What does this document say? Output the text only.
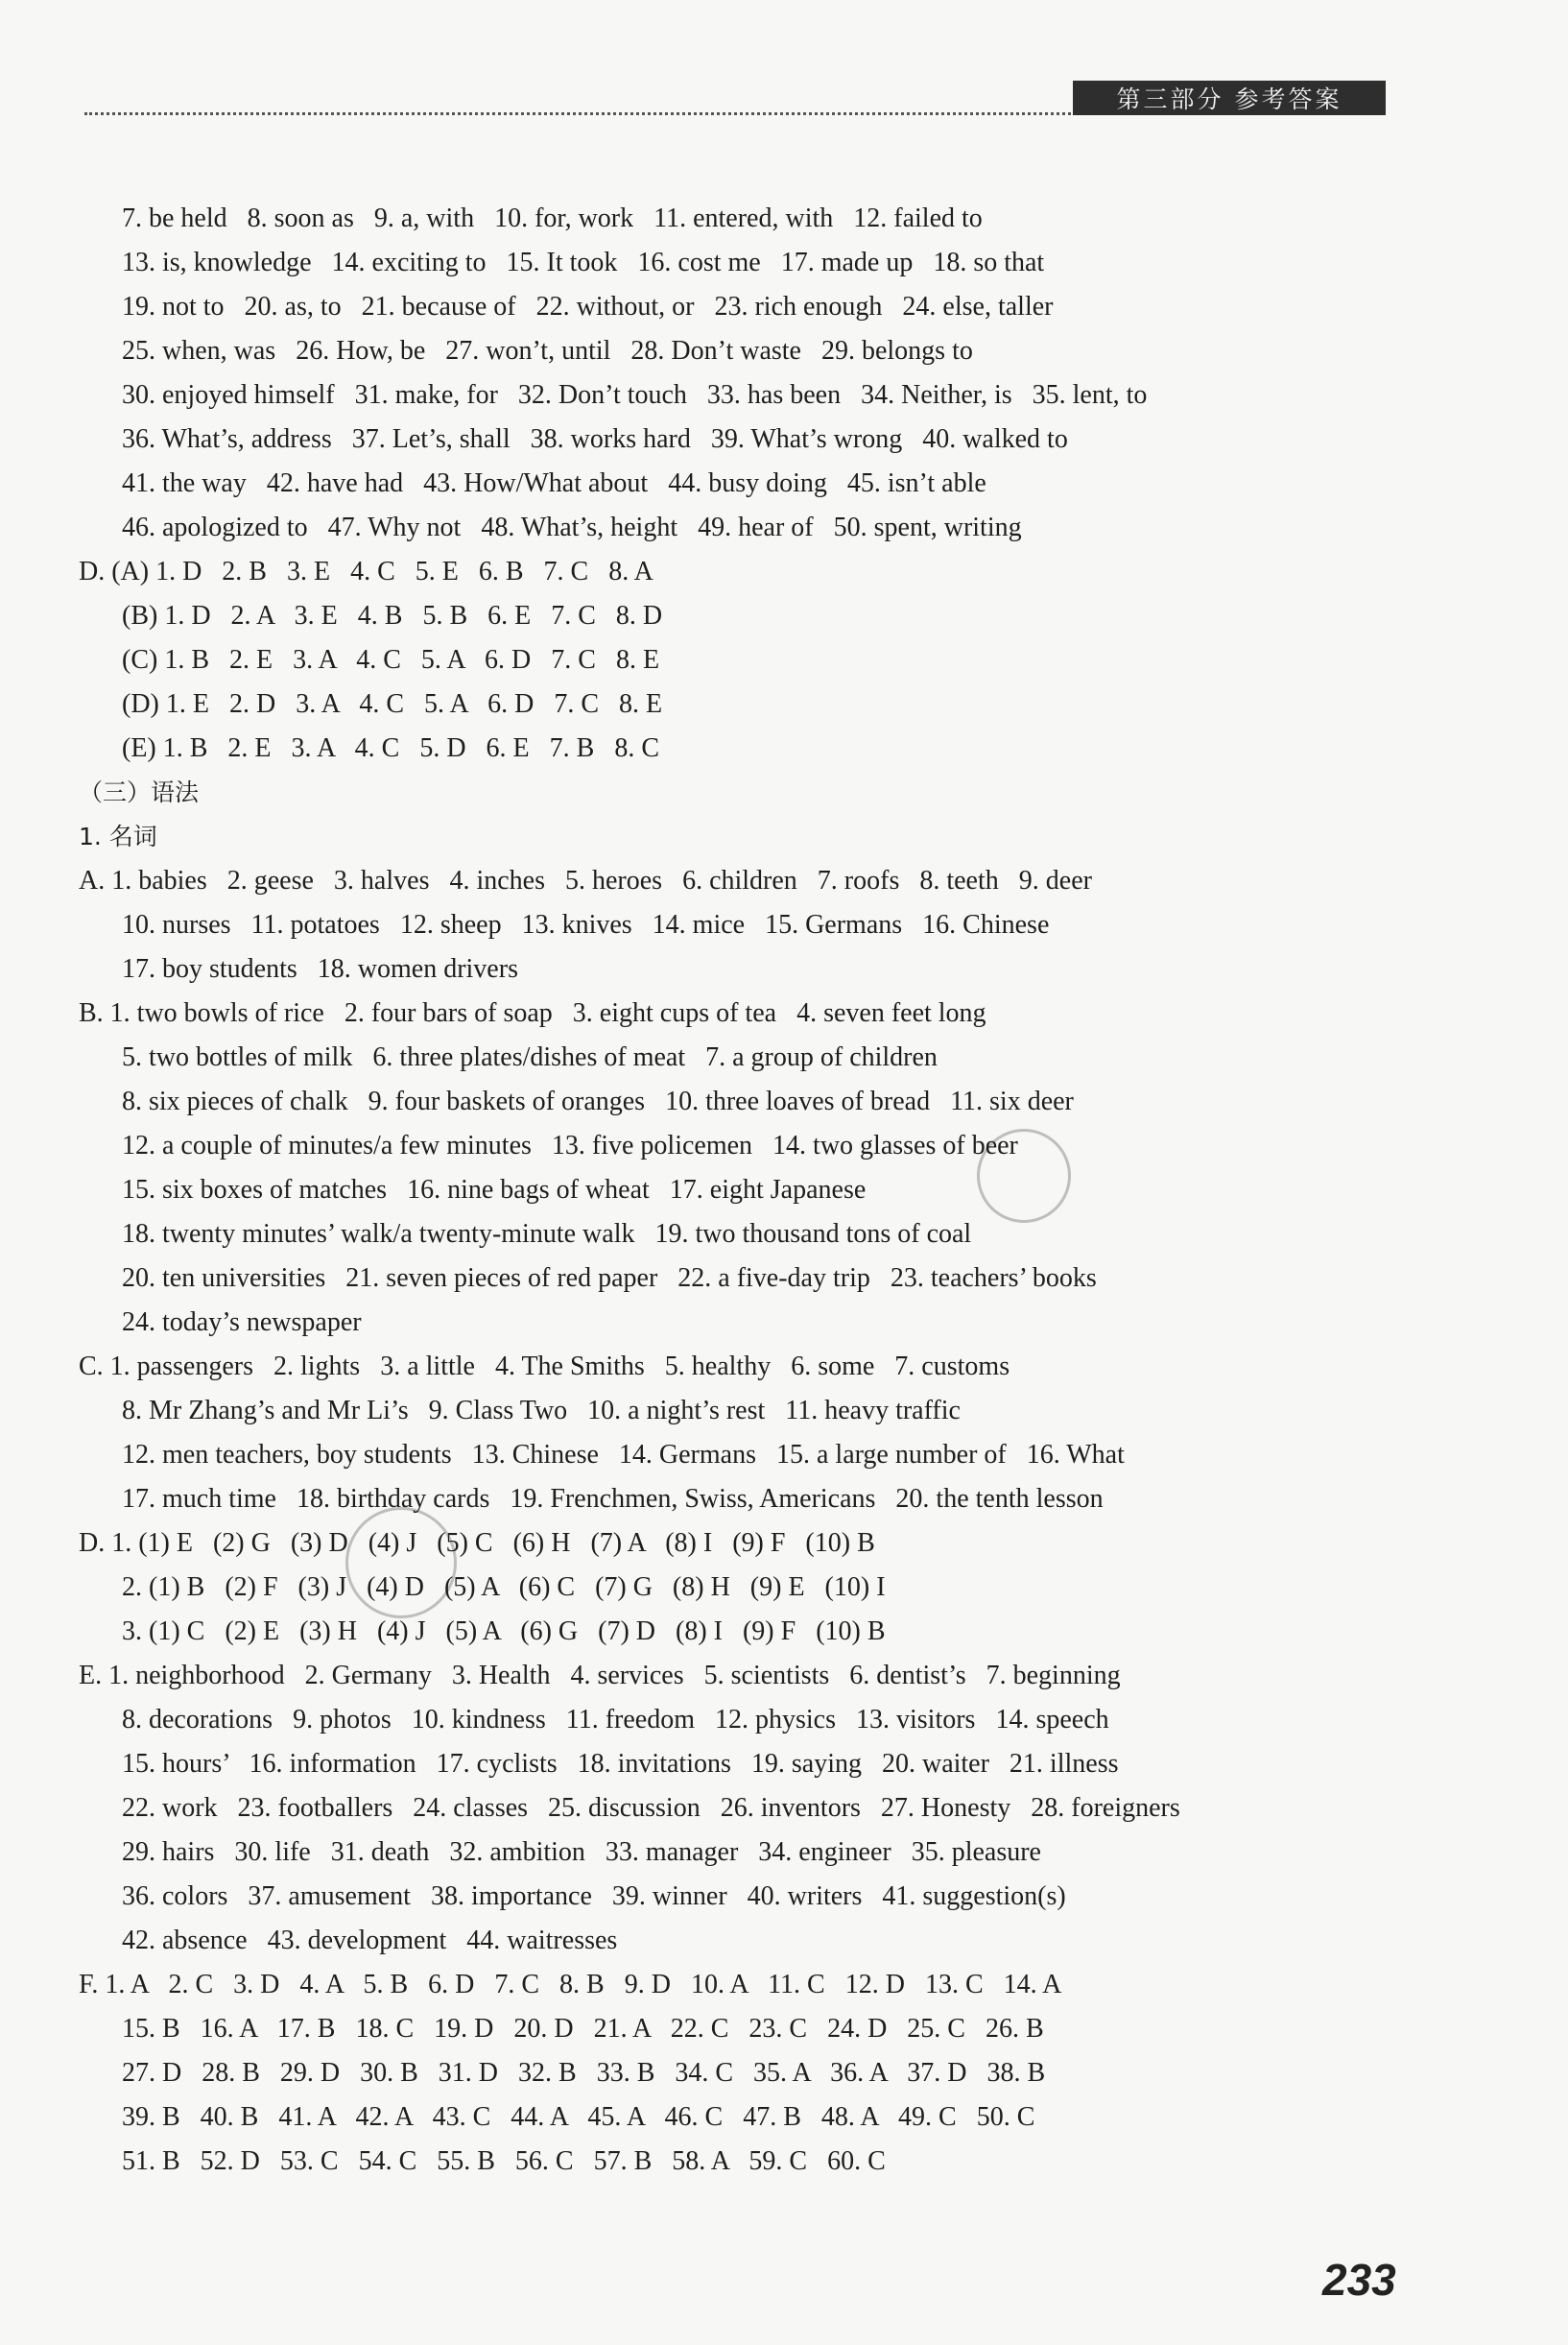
第三部分 参考答案
7. be held   8. soon as   9. a, with   10. for, work   11. entered, with   12. failed to
13. is, knowledge   14. exciting to   15. It took   16. cost me   17. made up   18. so that
19. not to   20. as, to   21. because of   22. without, or   23. rich enough   24. else, taller
25. when, was   26. How, be   27. won’t, until   28. Don’t waste   29. belongs to
30. enjoyed himself   31. make, for   32. Don’t touch   33. has been   34. Neither, is   35. lent, to
36. What’s, address   37. Let’s, shall   38. works hard   39. What’s wrong   40. walked to
41. the way   42. have had   43. How/What about   44. busy doing   45. isn’t able
46. apologized to   47. Why not   48. What’s, height   49. hear of   50. spent, writing
D. (A) 1. D   2. B   3. E   4. C   5. E   6. B   7. C   8. A
(B) 1. D   2. A   3. E   4. B   5. B   6. E   7. C   8. D
(C) 1. B   2. E   3. A   4. C   5. A   6. D   7. C   8. E
(D) 1. E   2. D   3. A   4. C   5. A   6. D   7. C   8. E
(E) 1. B   2. E   3. A   4. C   5. D   6. E   7. B   8. C
（三）语法
1. 名词
A. 1. babies   2. geese   3. halves   4. inches   5. heroes   6. children   7. roofs   8. teeth   9. deer
10. nurses   11. potatoes   12. sheep   13. knives   14. mice   15. Germans   16. Chinese
17. boy students   18. women drivers
B. 1. two bowls of rice   2. four bars of soap   3. eight cups of tea   4. seven feet long
5. two bottles of milk   6. three plates/dishes of meat   7. a group of children
8. six pieces of chalk   9. four baskets of oranges   10. three loaves of bread   11. six deer
12. a couple of minutes/a few minutes   13. five policemen   14. two glasses of beer
15. six boxes of matches   16. nine bags of wheat   17. eight Japanese
18. twenty minutes’ walk/a twenty-minute walk   19. two thousand tons of coal
20. ten universities   21. seven pieces of red paper   22. a five-day trip   23. teachers’ books
24. today’s newspaper
C. 1. passengers   2. lights   3. a little   4. The Smiths   5. healthy   6. some   7. customs
8. Mr Zhang’s and Mr Li’s   9. Class Two   10. a night’s rest   11. heavy traffic
12. men teachers, boy students   13. Chinese   14. Germans   15. a large number of   16. What
17. much time   18. birthday cards   19. Frenchmen, Swiss, Americans   20. the tenth lesson
D. 1. (1) E   (2) G   (3) D   (4) J   (5) C   (6) H   (7) A   (8) I   (9) F   (10) B
2. (1) B   (2) F   (3) J   (4) D   (5) A   (6) C   (7) G   (8) H   (9) E   (10) I
3. (1) C   (2) E   (3) H   (4) J   (5) A   (6) G   (7) D   (8) I   (9) F   (10) B
E. 1. neighborhood   2. Germany   3. Health   4. services   5. scientists   6. dentist’s   7. beginning
8. decorations   9. photos   10. kindness   11. freedom   12. physics   13. visitors   14. speech
15. hours’   16. information   17. cyclists   18. invitations   19. saying   20. waiter   21. illness
22. work   23. footballers   24. classes   25. discussion   26. inventors   27. Honesty   28. foreigners
29. hairs   30. life   31. death   32. ambition   33. manager   34. engineer   35. pleasure
36. colors   37. amusement   38. importance   39. winner   40. writers   41. suggestion(s)
42. absence   43. development   44. waitresses
F. 1. A   2. C   3. D   4. A   5. B   6. D   7. C   8. B   9. D   10. A   11. C   12. D   13. C   14. A
15. B   16. A   17. B   18. C   19. D   20. D   21. A   22. C   23. C   24. D   25. C   26. B
27. D   28. B   29. D   30. B   31. D   32. B   33. B   34. C   35. A   36. A   37. D   38. B
39. B   40. B   41. A   42. A   43. C   44. A   45. A   46. C   47. B   48. A   49. C   50. C
51. B   52. D   53. C   54. C   55. B   56. C   57. B   58. A   59. C   60. C
233
